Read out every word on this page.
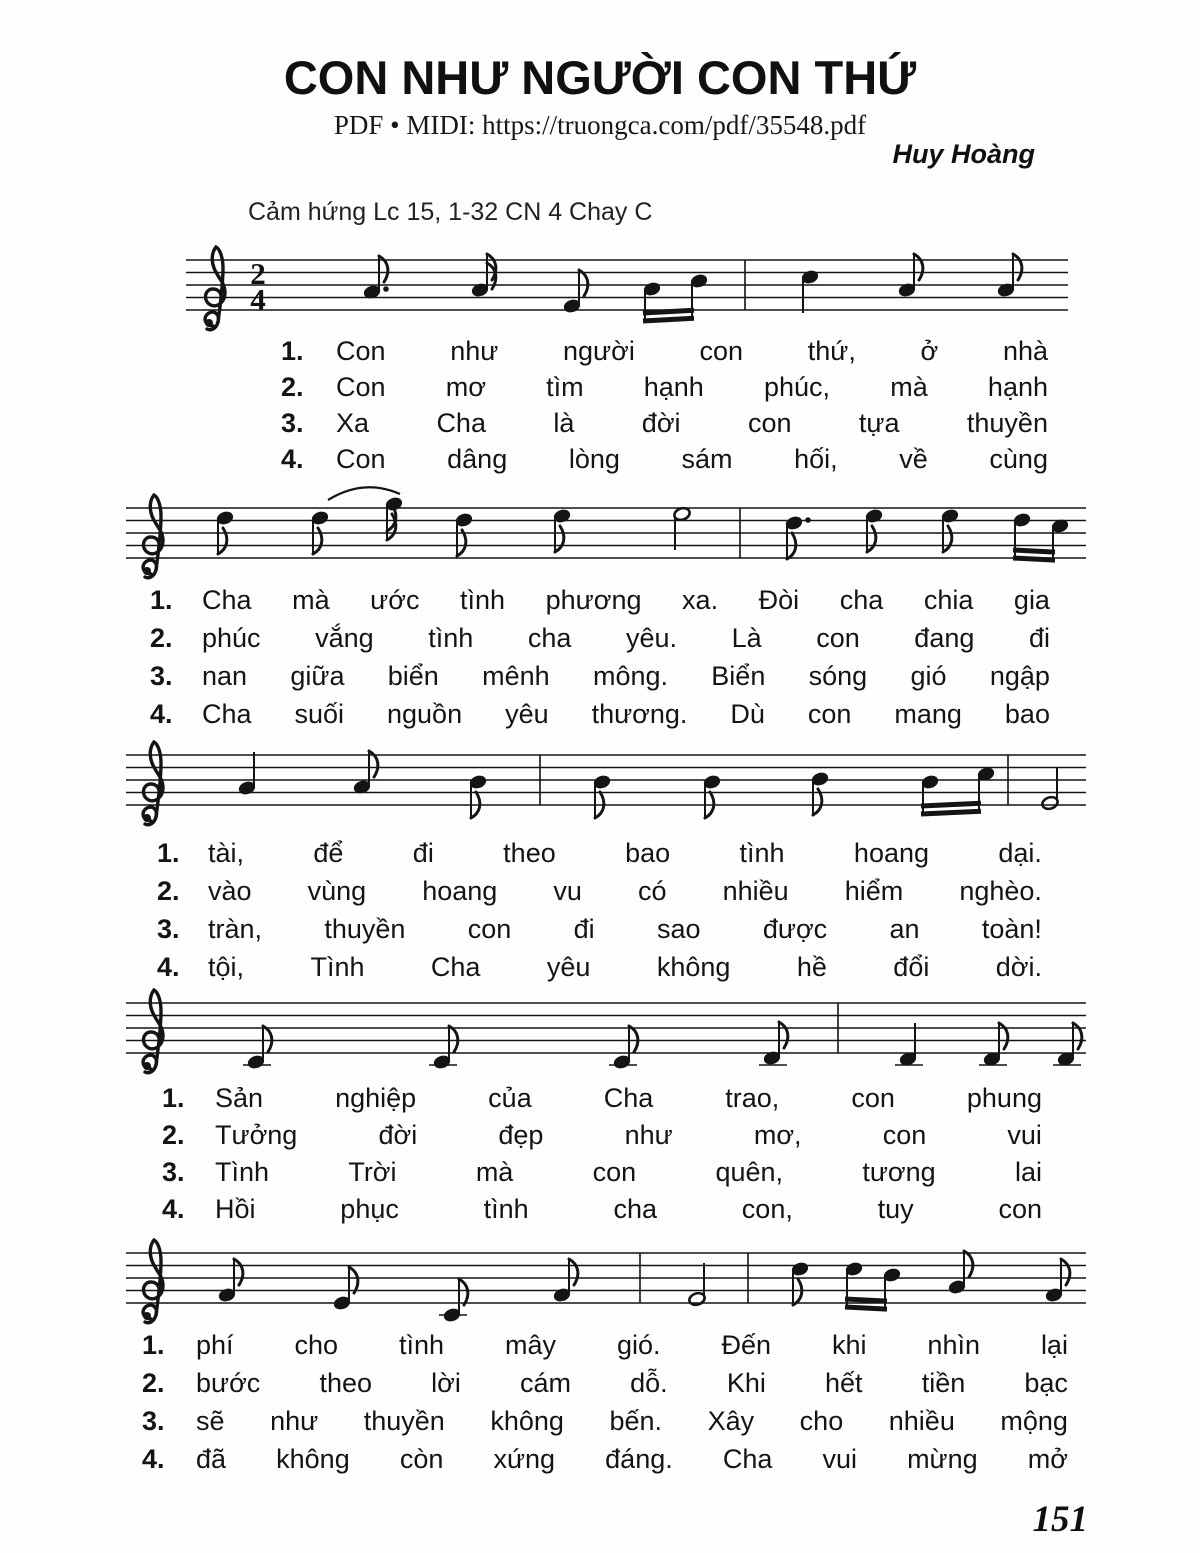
CON NHƯ NGƯỜI CON THỨ
PDF • MIDI: https://truongca.com/pdf/35548.pdf
Huy Hoàng
Cảm hứng Lc 15, 1-32 CN 4 Chay C
2
4
1. Con như người con thứ, ở nhà
2. Con mơ tìm hạnh phúc, mà hạnh
3. Xa Cha là đời con tựa thuyền
4. Con dâng lòng sám hối, về cùng
1. Cha mà ước tình phương xa. Đòi cha chia gia
2. phúc vắng tình cha yêu. Là con đang đi
3. nan giữa biển mênh mông. Biển sóng gió ngập
4. Cha suối nguồn yêu thương. Dù con mang bao
1. tài,	để	đi	theo	bao	tình	hoang	dại.
2. vào vùng hoang vu có nhiều hiểm nghèo.
3. tràn, thuyền con đi sao được an toàn!
4. tội, Tình Cha yêu không hề đổi dời.
1. Sản	nghiệp	của	Cha	trao,	con	phung
2. Tưởng	đời	đẹp	như	mơ,	con	vui
3. Tình	Trời	mà	con	quên,	tương	lai
4. Hồi	phục	tình	cha	con,	tuy	con
1. phí cho tình mây gió. Đến khi nhìn lại
2. bước theo lời cám dỗ. Khi hết tiền bạc
3. sẽ như thuyền không bến. Xây cho nhiều mộng
4. đã không còn xứng đáng. Cha vui mừng mở
151
